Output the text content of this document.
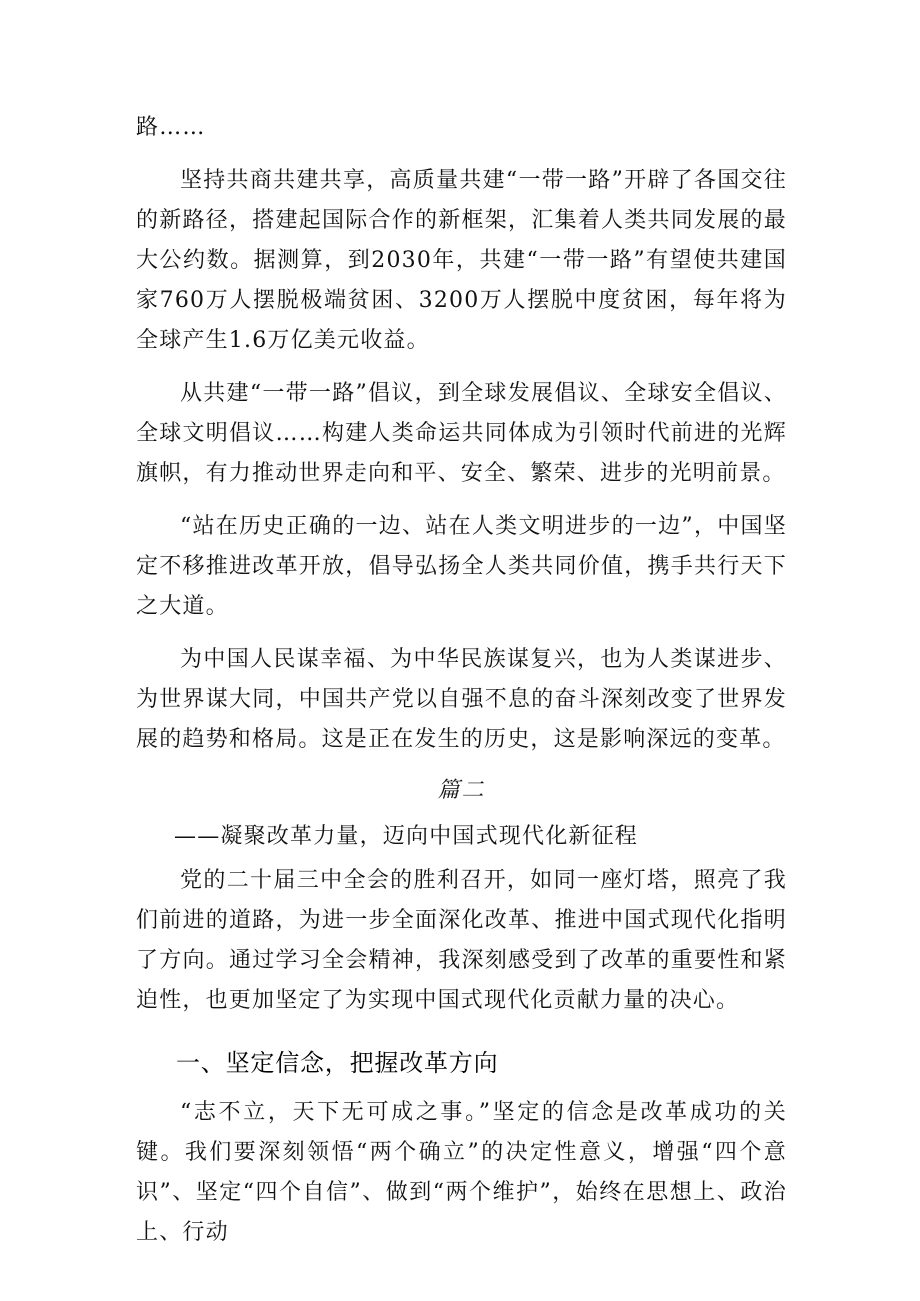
路……

坚持共商共建共享，高质量共建“一带一路”开辟了各国交往的新路径，搭建起国际合作的新框架，汇集着人类共同发展的最大公约数。据测算，到2030年，共建“一带一路”有望使共建国家760万人摆脱极端贫困、3200万人摆脱中度贫困，每年将为全球产生1.6万亿美元收益。

从共建“一带一路”倡议，到全球发展倡议、全球安全倡议、全球文明倡议……构建人类命运共同体成为引领时代前进的光辉旗帜，有力推动世界走向和平、安全、繁荣、进步的光明前景。

“站在历史正确的一边、站在人类文明进步的一边”，中国坚定不移推进改革开放，倡导弘扬全人类共同价值，携手共行天下之大道。

为中国人民谋幸福、为中华民族谋复兴，也为人类谋进步、为世界谋大同，中国共产党以自强不息的奋斗深刻改变了世界发展的趋势和格局。这是正在发生的历史，这是影响深远的变革。

篇二
——凝聚改革力量，迈向中国式现代化新征程

党的二十届三中全会的胜利召开，如同一座灯塔，照亮了我们前进的道路，为进一步全面深化改革、推进中国式现代化指明了方向。通过学习全会精神，我深刻感受到了改革的重要性和紧迫性，也更加坚定了为实现中国式现代化贡献力量的决心。

一、坚定信念，把握改革方向

“志不立，天下无可成之事。”坚定的信念是改革成功的关键。我们要深刻领悟“两个确立”的决定性意义，增强“四个意识”、坚定“四个自信”、做到“两个维护”，始终在思想上、政治上、行动
